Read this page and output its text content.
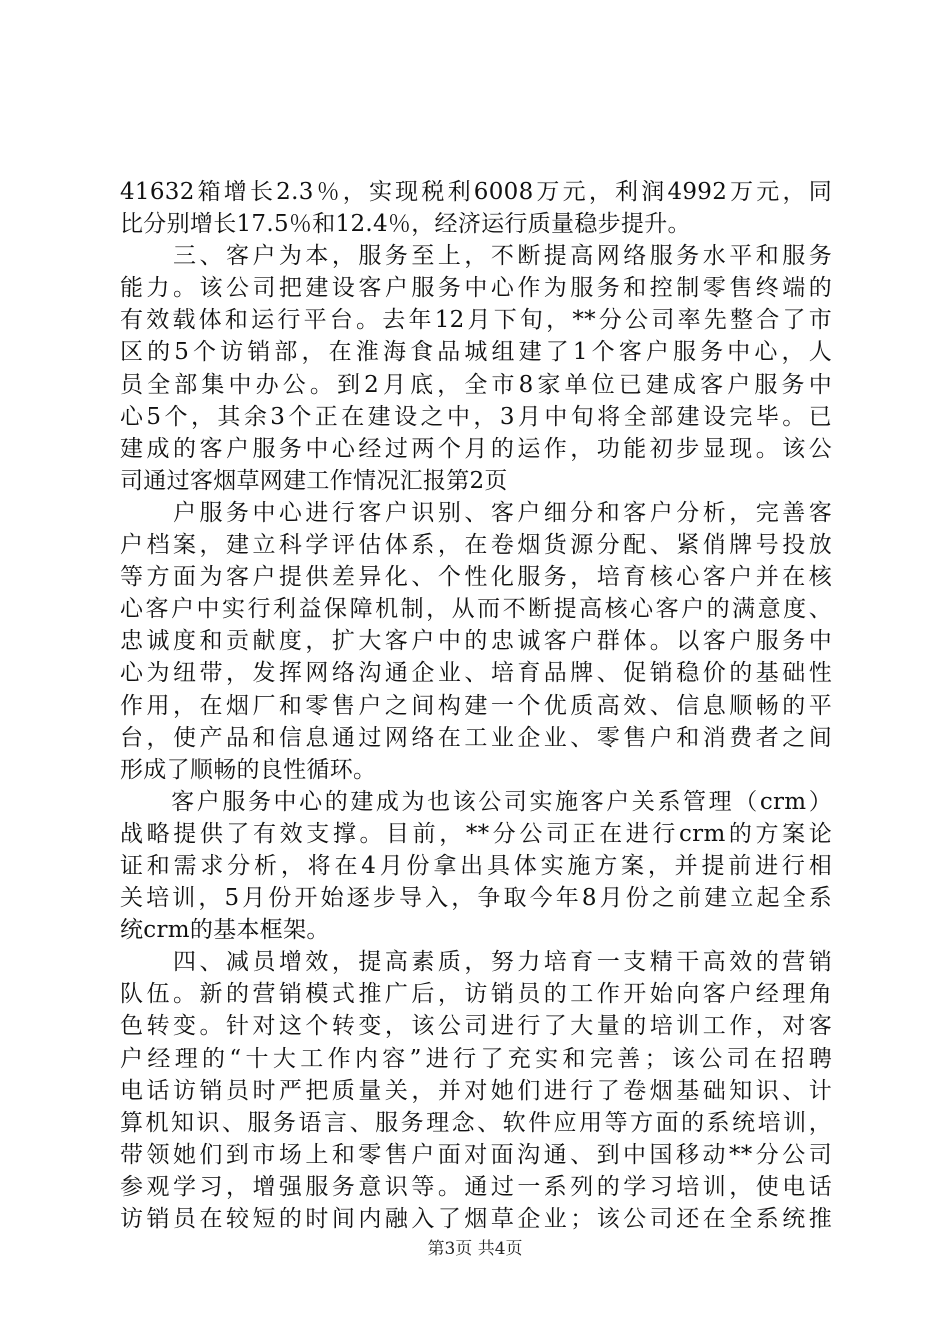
41632箱增长2.3％，实现税利6008万元，利润4992万元，同
比分别增长17.5％和12.4％，经济运行质量稳步提升。
　　三、客户为本，服务至上，不断提高网络服务水平和服务
能力。该公司把建设客户服务中心作为服务和控制零售终端的
有效载体和运行平台。去年12月下旬，**分公司率先整合了市
区的5个访销部，在淮海食品城组建了1个客户服务中心，人
员全部集中办公。到2月底，全市8家单位已建成客户服务中
心5个，其余3个正在建设之中，3月中旬将全部建设完毕。已
建成的客户服务中心经过两个月的运作，功能初步显现。该公
司通过客烟草网建工作情况汇报第2页
　　户服务中心进行客户识别、客户细分和客户分析，完善客
户档案，建立科学评估体系，在卷烟货源分配、紧俏牌号投放
等方面为客户提供差异化、个性化服务，培育核心客户并在核
心客户中实行利益保障机制，从而不断提高核心客户的满意度、
忠诚度和贡献度，扩大客户中的忠诚客户群体。以客户服务中
心为纽带，发挥网络沟通企业、培育品牌、促销稳价的基础性
作用，在烟厂和零售户之间构建一个优质高效、信息顺畅的平
台，使产品和信息通过网络在工业企业、零售户和消费者之间
形成了顺畅的良性循环。
　　客户服务中心的建成为也该公司实施客户关系管理（crm）
战略提供了有效支撑。目前，**分公司正在进行crm的方案论
证和需求分析，将在4月份拿出具体实施方案，并提前进行相
关培训，5月份开始逐步导入，争取今年8月份之前建立起全系
统crm的基本框架。
　　四、减员增效，提高素质，努力培育一支精干高效的营销
队伍。新的营销模式推广后，访销员的工作开始向客户经理角
色转变。针对这个转变，该公司进行了大量的培训工作，对客
户经理的“十大工作内容”进行了充实和完善；该公司在招聘
电话访销员时严把质量关，并对她们进行了卷烟基础知识、计
算机知识、服务语言、服务理念、软件应用等方面的系统培训，
带领她们到市场上和零售户面对面沟通、到中国移动**分公司
参观学习，增强服务意识等。通过一系列的学习培训，使电话
访销员在较短的时间内融入了烟草企业；该公司还在全系统推
第3页 共4页
